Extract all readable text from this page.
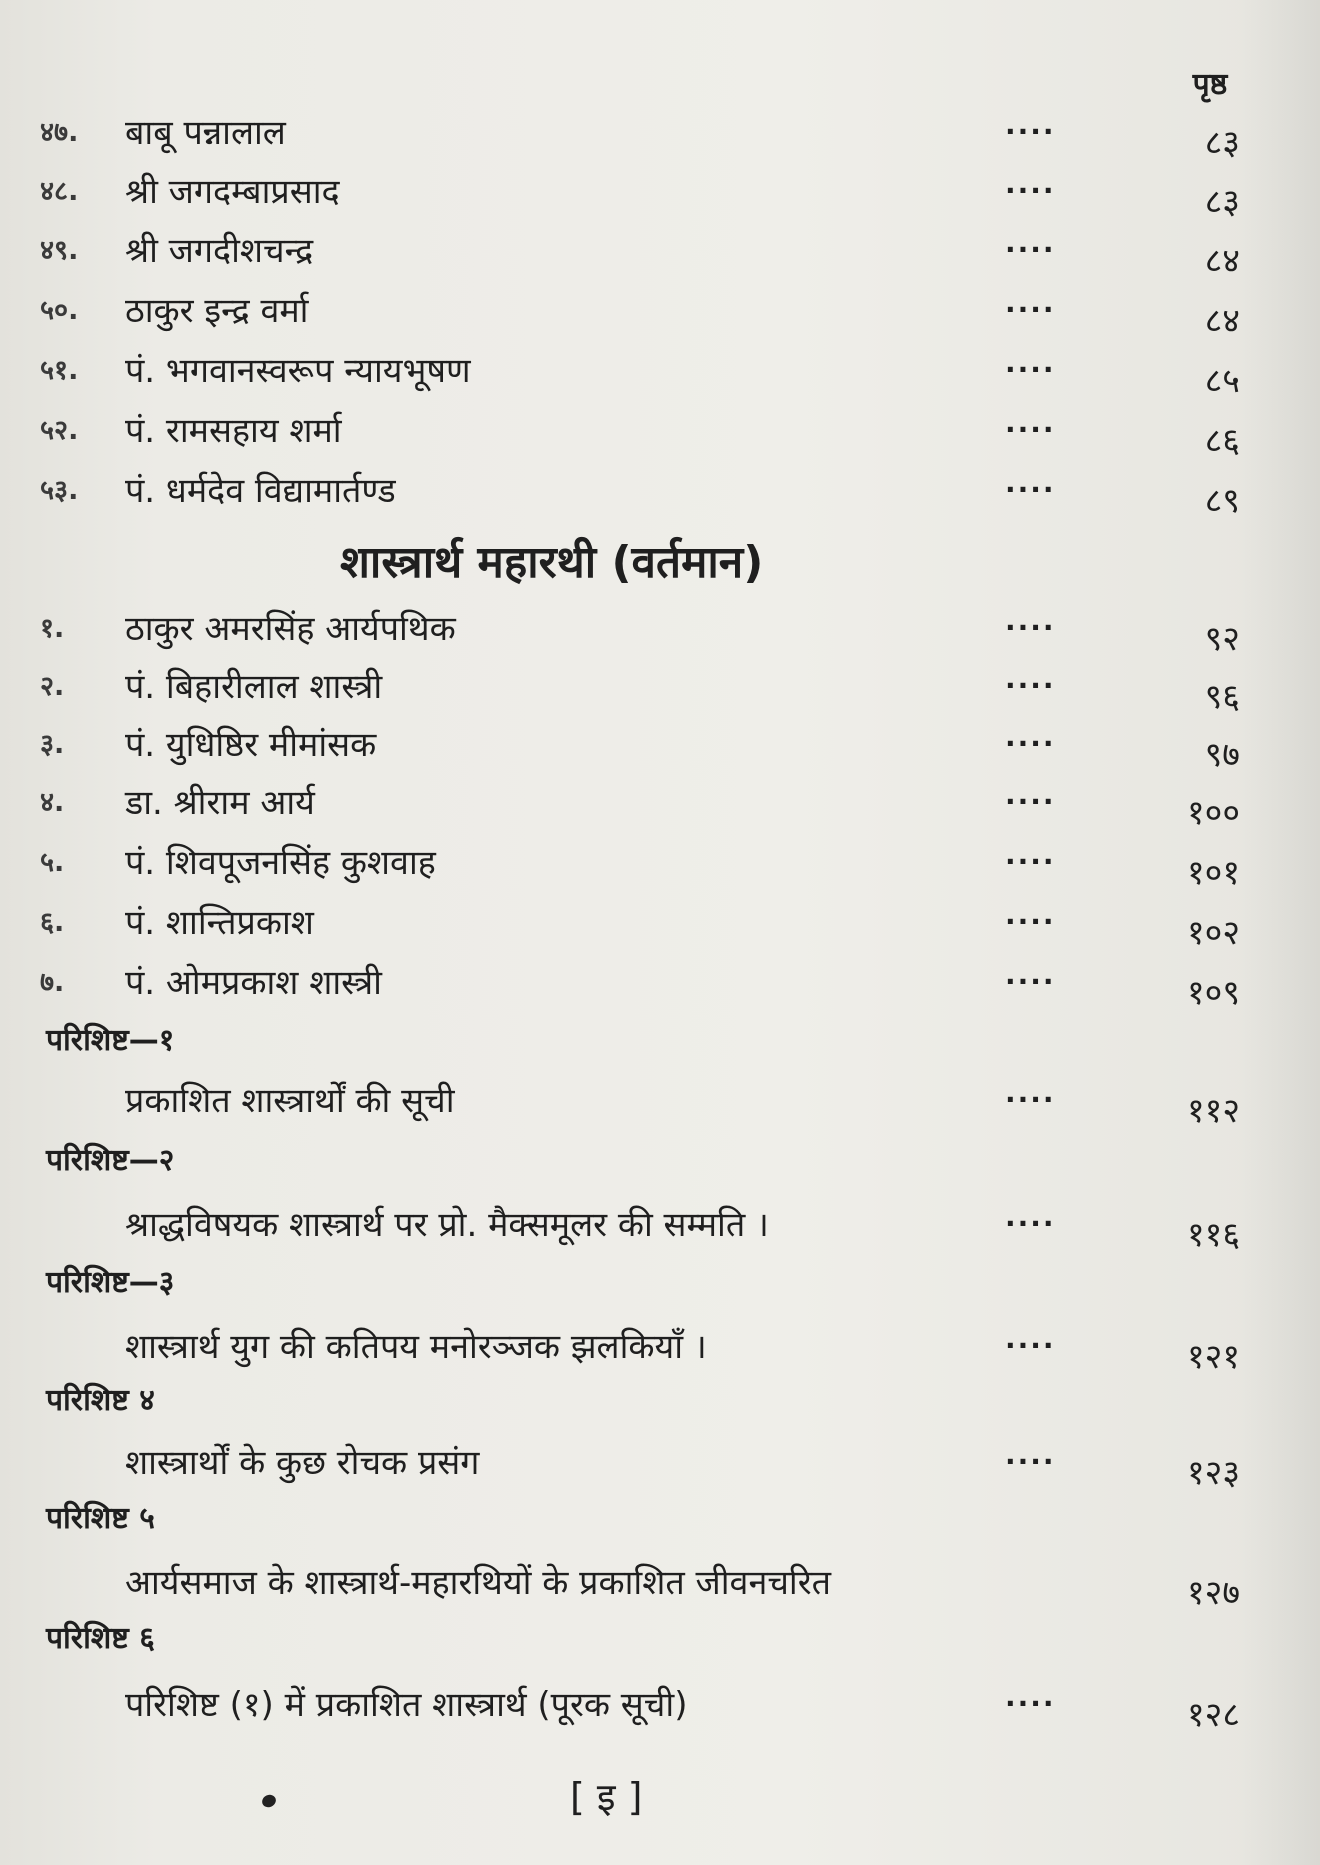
पृष्ठ
४७.	बाबू पन्नालाल	....	८३
४८.	श्री जगदम्बाप्रसाद	....	८३
४९.	श्री जगदीशचन्द्र	....	८४
५०.	ठाकुर इन्द्र वर्मा	....	८४
५१.	पं. भगवानस्वरूप न्यायभूषण	....	८५
५२.	पं. रामसहाय शर्मा	....	८६
५३.	पं. धर्मदेव विद्यामार्तण्ड	....	८९
शास्त्रार्थ महारथी (वर्तमान)
१.	ठाकुर अमरसिंह आर्यपथिक	....	९२
२.	पं. बिहारीलाल शास्त्री	....	९६
३.	पं. युधिष्ठिर मीमांसक	....	९७
४.	डा. श्रीराम आर्य	....	१००
५.	पं. शिवपूजनसिंह कुशवाह	....	१०१
६.	पं. शान्तिप्रकाश	....	१०२
७.	पं. ओमप्रकाश शास्त्री	....	१०९
परिशिष्ट—१
प्रकाशित शास्त्रार्थों की सूची	....	११२
परिशिष्ट—२
श्राद्धविषयक शास्त्रार्थ पर प्रो. मैक्समूलर की सम्मति ।	....	११६
परिशिष्ट—३
शास्त्रार्थ युग की कतिपय मनोरञ्जक झलकियाँ ।	....	१२१
परिशिष्ट ४
शास्त्रार्थों के कुछ रोचक प्रसंग	....	१२३
परिशिष्ट ५
आर्यसमाज के शास्त्रार्थ-महारथियों के प्रकाशित जीवनचरित	१२७
परिशिष्ट ६
परिशिष्ट (१) में प्रकाशित शास्त्रार्थ (पूरक सूची)	....	१२८
[ इ ]
